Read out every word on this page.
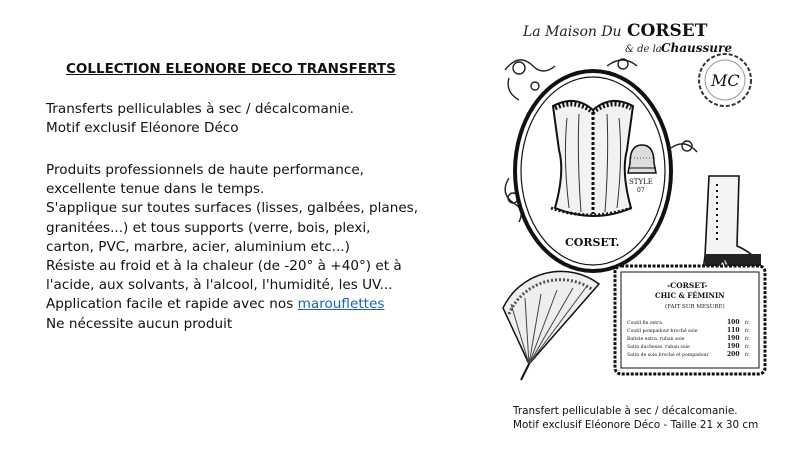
COLLECTION ELEONORE DECO TRANSFERTS
Transferts pelliculables à sec / décalcomanie.
Motif exclusif Eléonore Déco
Produits professionnels de haute performance,
excellente tenue dans le temps.
S'applique sur toutes surfaces (lisses, galbées, planes,
granitées...) et tous supports (verre, bois, plexi,
carton, PVC, marbre, acier, aluminium etc...)
Résiste au froid et à la chaleur (de -20° à +40°) et à
l'acide, aux solvants, à l'alcool, l'humidité, les UV...
Application facile et rapide avec nos marouflettes
Ne nécessite aucun produit
La Maison Du CORSET
& de la Chaussure
STYLE
07
CORSET.
MC
-CORSET-
CHIC & FÉMININ
(FAIT SUR MESURE)
Coutil fin extra	100 fr.
Coutil pompadour broché soie	110 fr.
Batiste extra, ruban soie	190 fr.
Satin duchesse, ruban soie	190 fr.
Satin de soie broché et pompadour	200 fr.
Transfert pelliculable à sec / décalcomanie.
Motif exclusif Eléonore Déco - Taille 21 x 30 cm
